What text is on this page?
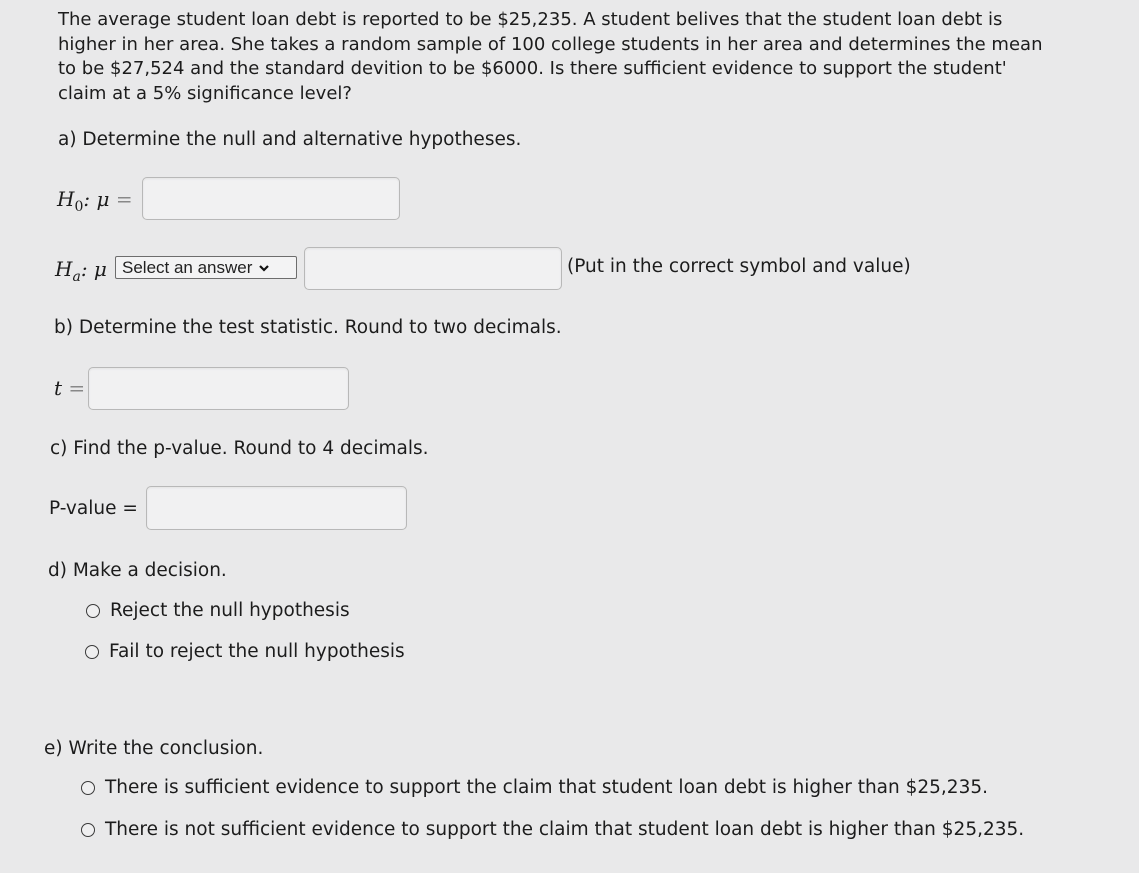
The average student loan debt is reported to be $25,235. A student belives that the student loan debt is higher in her area. She takes a random sample of 100 college students in her area and determines the mean to be $27,524 and the standard devition to be $6000. Is there sufficient evidence to support the student' claim at a 5% significance level?
a) Determine the null and alternative hypotheses.
$H_0$: μ =
$H_a$: μ Select an answer	(Put in the correct symbol and value)
b) Determine the test statistic. Round to two decimals.
t =
c) Find the p-value. Round to 4 decimals.
P-value =
d) Make a decision.
Reject the null hypothesis
Fail to reject the null hypothesis
e) Write the conclusion.
There is sufficient evidence to support the claim that student loan debt is higher than $25,235.
There is not sufficient evidence to support the claim that student loan debt is higher than $25,235.
